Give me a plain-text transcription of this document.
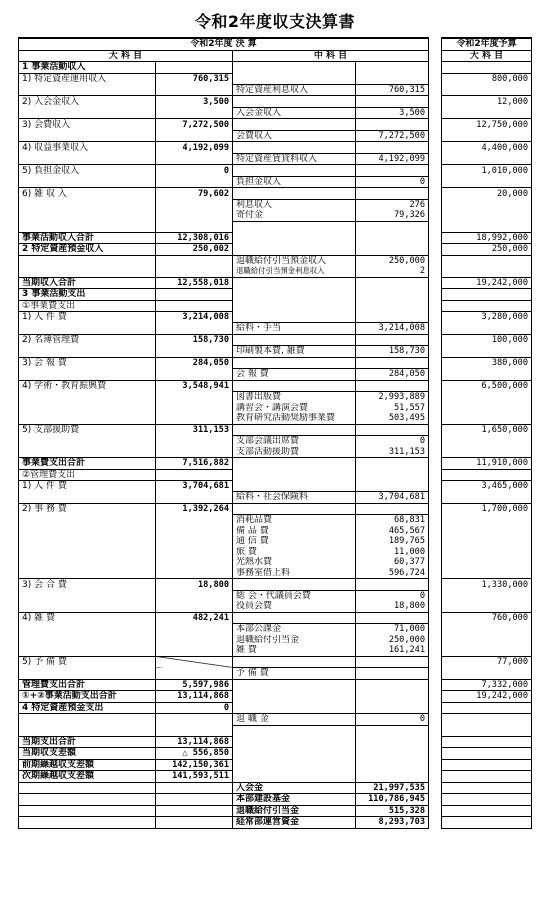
令和2年度収支決算書
令和2年度 決 算					令和2年度予算
大 科 目		中 科 目			大 科 目
1 事業活動収入					
1) 特定資産運用収入	760,315				800,000
		特定資産利息収入	760,315		
2) 入会金収入	3,500				12,000
		入会金収入	3,500		
3) 会費収入	7,272,500				12,750,000
		会費収入	7,272,500		
4) 収益事業収入	4,192,099				4,400,000
		特定資産賃貸料収入	4,192,099		
5) 負担金収入	0				1,010,000
		負担金収入	0		
6) 雑 収 入	79,602				20,000
		利息収入	276		
		寄付金	79,326		

事業活動収入合計	12,308,016				18,992,000
2 特定資産預金収入	250,002				250,000
		退職給付引当預金収入	250,000		
		退職給付引当預金利息収入	2		
当期収入合計	12,558,018				19,242,000
3 事業活動支出					
①事業費支出					
1) 人 件 費	3,214,008				3,280,000
		給料・手当	3,214,008		
2) 名簿管理費	158,730				100,000
		印刷製本費, 雑費	158,730		
3) 会 報 費	284,050				380,000
		会 報 費	284,050		
4) 学術・教育振興費	3,548,941				6,500,000
		図書出版費	2,993,889		
		講習会・講演会費	51,557		
		教育研究活動奨励事業費	503,495		
5) 支部援助費	311,153				1,650,000
		支部会議出席費	0		
		支部活動援助費	311,153		
事業費支出合計	7,516,882				11,910,000
②管理費支出					
1) 人 件 費	3,704,681				3,465,000
		給料・社会保険料	3,704,681		
2) 事 務 費	1,392,264				1,700,000
		消耗品費	68,831		
		備 品 費	465,567		
		通 信 費	189,765		
		旅 費	11,000		
		光熱水費	60,377		
		事務室借上料	596,724		
3) 会 合 費	18,800				1,330,000
		総 会・代議員会費	0		
		役員会費	18,800		
4) 雑 費	482,241				760,000
		本部公課金	71,000		
		退職給付引当金	250,000		
		雑 費	161,241		
5) 予 備 費					77,000
		予 備 費			
管理費支出合計	5,597,986				7,332,000
①+②事業活動支出合計	13,114,868				19,242,000
4 特定資産預金支出	0				
		退 職 金	0		

当期支出合計	13,114,868				
当期収支差額	△ 556,850				
前期繰越収支差額	142,150,361				
次期繰越収支差額	141,593,511				
		入会金	21,997,535		
		本部建設基金	110,786,945		
		退職給付引当金	515,328		
		経常部運営資金	8,293,703		
